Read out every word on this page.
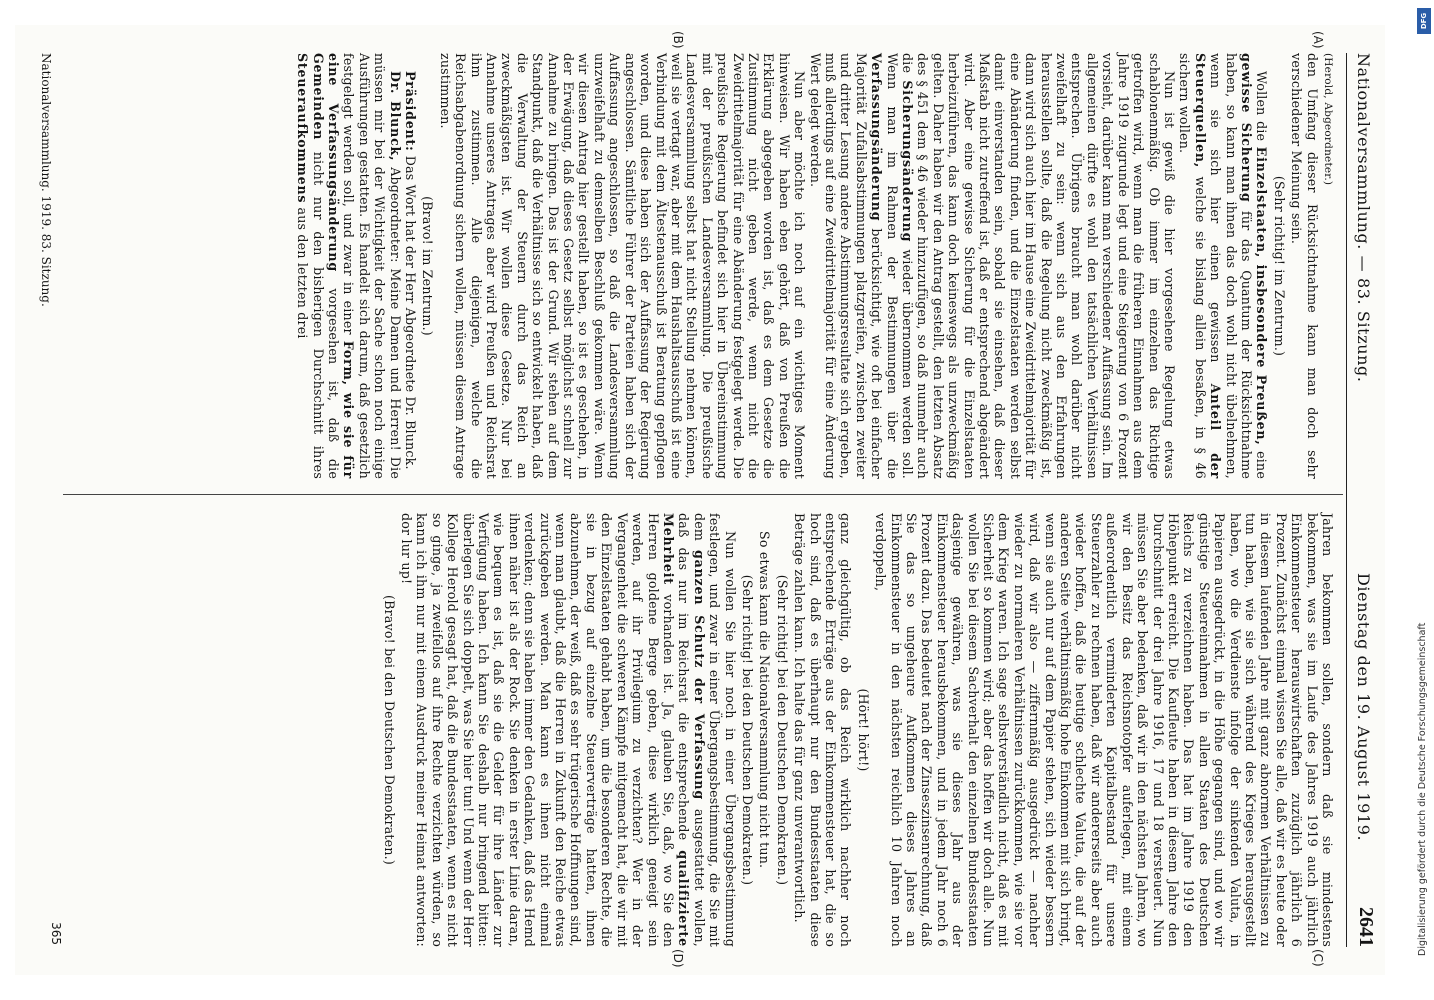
Nationalversammlung. — 83. Sitzung.
Dienstag den 19. August 1919.
2641
(A)
(B)
(C)
(D)

(Herold, Abgeordneter.)

den Umfang dieser Rücksichtnahme kann man doch sehr verschiedener Meinung sein.

(Sehr richtig! im Zentrum.)

Wollen die Einzelstaaten, insbesondere Preußen, eine gewisse Sicherung für das Quantum der Rücksichtnahme haben, so kann man ihnen das doch wohl nicht übelnehmen, wenn sie sich hier einen gewissen Anteil der Steuerquellen, welche sie bislang allein besaßen, in § 46 sichern wollen.

Nun ist gewiß die hier vorgesehene Regelung etwas schablonenmäßig. Ob immer im einzelnen das Richtige getroffen wird, wenn man die früheren Einnahmen aus dem Jahre 1919 zugrunde legt und eine Steigerung von 6 Prozent vorsieht, darüber kann man verschiedener Auffassung sein. Im allgemeinen dürfte es wohl den tatsächlichen Verhältnissen entsprechen. Übrigens braucht man wohl darüber nicht zweifelhaft zu sein: wenn sich aus den Erfahrungen herausstellen sollte, daß die Regelung nicht zweckmäßig ist, dann wird sich auch hier im Hause eine Zweidrittelmajorität für eine Abänderung finden, und die Einzelstaaten werden selbst damit einverstanden sein, sobald sie einsehen, daß dieser Maßstab nicht zutreffend ist, daß er entsprechend abgeändert wird. Aber eine gewisse Sicherung für die Einzelstaaten herbeizuführen, das kann doch keineswegs als unzweckmäßig gelten. Daher haben wir den Antrag gestellt, den letzten Absatz des § 451 dem § 46 wieder hinzuzufügen, so daß nunmehr auch die Sicherungsänderung wieder übernommen werden soll. Wenn man im Rahmen der Bestimmungen über die Verfassungsänderung berücksichtigt, wie oft bei einfacher Majorität Zufallsabstimmungen platzgreifen, zwischen zweiter und dritter Lesung andere Abstimmungsresultate sich ergeben, muß allerdings auf eine Zweidrittelmajorität für eine Änderung Wert gelegt werden.

Nun aber möchte ich noch auf ein wichtiges Moment hinweisen. Wir haben eben gehört, daß von Preußen die Erklärung abgegeben worden ist, daß es dem Gesetze die Zustimmung nicht geben werde, wenn nicht die Zweidrittelmajorität für eine Abänderung festgelegt werde. Die preußische Regierung befindet sich hier in Übereinstimmung mit der preußischen Landesversammlung. Die preußische Landesversammlung selbst hat nicht Stellung nehmen können, weil sie vertagt war, aber mit dem Haushaltsausschuß ist eine Verbindung mit dem Ältestenausschuß ist Beratung gepflogen worden, und diese haben sich der Auffassung der Regierung angeschlossen. Sämtliche Führer der Parteien haben sich der Auffassung angeschlossen, so daß die Landesversammlung unzweifelhaft zu demselben Beschluß gekommen wäre. Wenn wir diesen Antrag hier gestellt haben, so ist es geschehen, in der Erwägung, daß dieses Gesetz selbst möglichst schnell zur Annahme zu bringen. Das ist der Grund. Wir stehen auf dem Standpunkt, daß die Verhältnisse sich so entwickelt haben, daß die Verwaltung der Steuern durch das Reich an zweckmäßigsten ist. Wir wollen diese Gesetze. Nur bei Annahme unseres Antrages aber wird Preußen und Reichsrat ihm zustimmen. Alle diejenigen, welche die Reichsabgabenordnung sichern wollen, müssen diesem Antrage zustimmen.

(Bravo! im Zentrum.)

Präsident: Das Wort hat der Herr Abgeordnete Dr. Blunck.

Dr. Blunck, Abgeordneter: Meine Damen und Herren! Die müssen mir bei der Wichtigkeit der Sache schon noch einige Ausführungen gestatten. Es handelt sich darum, daß gesetzlich festgelegt werden soll, und zwar in einer Form, wie sie für eine Verfassungsänderung vorgesehen ist, daß die Gemeinden nicht nur den bisherigen Durchschnitt ihres Steueraufkommens aus den letzten drei

Jahren bekommen sollen, sondern daß sie mindestens bekommen, was sie im Laufe des Jahres 1919 auch jährlich Einkommensteuer herauswirtschaften zuzüglich jährlich 6 Prozent. Zunächst einmal wissen Sie alle, daß wir es heute oder in diesem laufenden Jahre mit ganz abnormen Verhältnissen zu tun haben, wie sie sich während des Krieges herausgestellt haben, wo die Verdienste infolge der sinkenden Valuta, in Papieren ausgedrückt, in die Höhe gegangen sind, und wo wir günstige Steuereinnahmen in allen Staaten des Deutschen Reichs zu verzeichnen haben. Das hat im Jahre 1919 den Höhepunkt erreicht. Die Kaufleute haben in diesem Jahre den Durchschnitt der drei Jahre 1916, 17 und 18 versteuert. Nun müssen Sie aber bedenken, daß wir in den nächsten Jahren, wo wir den Besitz das Reichsnotopfer auferlegen, mit einem außerordentlich verminderten Kapitalbestand für unsere Steuerzahler zu rechnen haben, daß wir andererseits aber auch wieder hoffen, daß die heutige schlechte Valuta, die auf der anderen Seite verhältnismäßig hohe Einkommen mit sich bringt, wenn sie auch nur auf dem Papier stehen, sich wieder bessern wird, daß wir also — ziffernmäßig ausgedrückt — nachher wieder zu normaleren Verhältnissen zurückkommen, wie sie vor dem Krieg waren. Ich sage selbstverständlich nicht, daß es mit Sicherheit so kommen wird; aber das hoffen wir doch alle. Nun wollen Sie bei diesem Sachverhalt den einzelnen Bundesstaaten dasjenige gewähren, was sie dieses Jahr aus der Einkommensteuer herausbekommen, und in jedem Jahr noch 6 Prozent dazu. Das bedeutet nach der Zinseszinsenrechnung, daß Sie das so ungeheure Aufkommen dieses Jahres an Einkommensteuer in den nächsten reichlich 10 Jahren noch verdoppeln,

(Hört! hört!)

ganz gleichgültig, ob das Reich wirklich nachher noch entsprechende Erträge aus der Einkommensteuer hat, die so hoch sind, daß es überhaupt nur den Bundesstaaten diese Beträge zahlen kann. Ich halte das für ganz unverantwortlich.

(Sehr richtig! bei den Deutschen Demokraten.)

So etwas kann die Nationalversammlung nicht tun.

(Sehr richtig! bei den Deutschen Demokraten.)

Nun wollen Sie hier noch in einer Übergangsbestimmung festlegen, und zwar in einer Übergangsbestimmung, die Sie mit dem ganzen Schutz der Verfassung ausgestattet wollen, daß das nur im Reichsrat die entsprechende qualifizierte Mehrheit vorhanden ist. Ja, glauben Sie, daß, wo Sie den Herren goldene Berge geben, diese wirklich geneigt sein werden, auf ihr Privilegium zu verzichten? Wer in der Vergangenheit die schweren Kämpfe mitgemacht hat, die wir mit den Einzelstaaten gehabt haben, um die besonderen Rechte, die sie in bezug auf einzelne Steuerverträge hatten, ihnen abzunehmen, der weiß, daß es sehr trügerische Hoffnungen sind, wenn man glaubt, daß die Herren in Zukunft den Reiche etwas zurückgeben werden. Man kann es ihnen nicht einmal verdenken; denn sie haben immer den Gedanken, daß das Hemd ihnen näher ist als der Rock. Sie denken in erster Linie daran, wie bequem es ist, daß sie die Gelder für ihre Länder zur Verfügung haben. Ich kann Sie deshalb nur bringend bitten: überlegen Sie sich doppelt, was Sie hier tun! Und wenn der Herr Kollege Herold gesagt hat, daß die Bundesstaaten, wenn es nicht so ginge, ja zweifellos auf ihre Rechte verzichten würden, so kann ich ihm nur mit einem Ausdruck meiner Heimat antworten: dor lur up!

(Bravo! bei den Deutschen Demokraten.)

Nationalversammlung. 1919. 83. Sitzung.
365
DFG
Digitalisierung gefördert durch die Deutsche Forschungsgemeinschaft
